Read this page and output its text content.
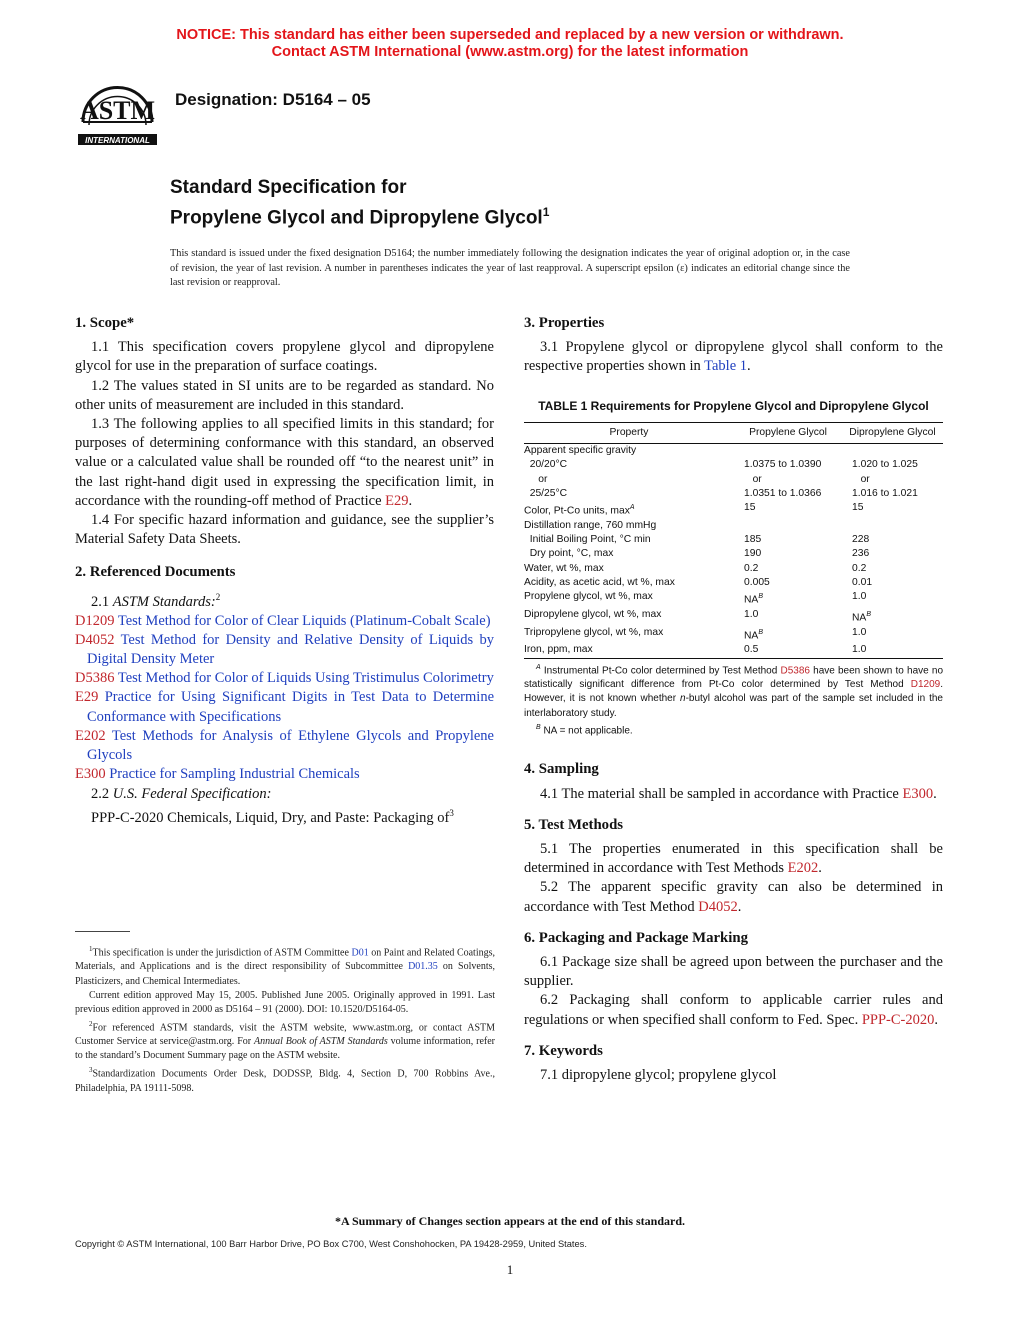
NOTICE: This standard has either been superseded and replaced by a new version or withdrawn.
Contact ASTM International (www.astm.org) for the latest information
ASTM
INTERNATIONAL
Designation: D5164 – 05
Standard Specification for
Propylene Glycol and Dipropylene Glycol$^1$
This standard is issued under the fixed designation D5164; the number immediately following the designation indicates the year of original adoption or, in the case of revision, the year of last revision. A number in parentheses indicates the year of last reapproval. A superscript epsilon (ε) indicates an editorial change since the last revision or reapproval.
1. Scope*

1.1 This specification covers propylene glycol and dipropylene glycol for use in the preparation of surface coatings.

1.2 The values stated in SI units are to be regarded as standard. No other units of measurement are included in this standard.

1.3 The following applies to all specified limits in this standard; for purposes of determining conformance with this standard, an observed value or a calculated value shall be rounded off “to the nearest unit” in the last right-hand digit used in expressing the specification limit, in accordance with the rounding-off method of Practice E29.

1.4 For specific hazard information and guidance, see the supplier’s Material Safety Data Sheets.

2. Referenced Documents

2.1 ASTM Standards:$^2$

D1209 Test Method for Color of Clear Liquids (Platinum-Cobalt Scale)

D4052 Test Method for Density and Relative Density of Liquids by Digital Density Meter

D5386 Test Method for Color of Liquids Using Tristimulus Colorimetry

E29 Practice for Using Significant Digits in Test Data to Determine Conformance with Specifications

E202 Test Methods for Analysis of Ethylene Glycols and Propylene Glycols

E300 Practice for Sampling Industrial Chemicals

2.2 U.S. Federal Specification:

PPP-C-2020 Chemicals, Liquid, Dry, and Paste: Packaging $of^3$

$^1$This specification is under the jurisdiction of ASTM Committee D01 on Paint and Related Coatings, Materials, and Applications and is the direct responsibility of Subcommittee D01.35 on Solvents, Plasticizers, and Chemical Intermediates.

Current edition approved May 15, 2005. Published June 2005. Originally approved in 1991. Last previous edition approved in 2000 as D5164 – 91 (2000). DOI: 10.1520/D5164-05.

$^2$For referenced ASTM standards, visit the ASTM website, www.astm.org, or contact ASTM Customer Service at service@astm.org. For Annual Book of ASTM Standards volume information, refer to the standard’s Document Summary page on the ASTM website.

$^3$Standardization Documents Order Desk, DODSSP, Bldg. 4, Section D, 700 Robbins Ave., Philadelphia, PA 19111-5098.

3. Properties

3.1 Propylene glycol or dipropylene glycol shall conform to the respective properties shown in Table 1.

TABLE 1 Requirements for Propylene Glycol and Dipropylene Glycol
Property	Propylene Glycol	Dipropylene Glycol
Apparent specific gravity		
20/20°C	1.0375 to 1.0390	1.020 to 1.025
or	or	or
25/25°C	1.0351 to 1.0366	1.016 to 1.021
Color, Pt-Co units, $\max^A$	15	15
Distillation range, 760 mmHg		
Initial Boiling Point, °C min	185	228
Dry point, °C, max	190	236
Water, wt %, max	0.2	0.2
Acidity, as acetic acid, wt %, max	0.005	0.01
Propylene glycol, wt %, max	$NA^B$	1.0
Dipropylene glycol, wt %, max	1.0	$NA^B$
Tripropylene glycol, wt %, max	$NA^B$	1.0
Iron, ppm, max	0.5	1.0
$^A$ Instrumental Pt-Co color determined by Test Method D5386 have been shown to have no statistically significant difference from Pt-Co color determined by Test Method D1209. However, it is not known whether n-butyl alcohol was part of the sample set included in the interlaboratory study.
$^B$ NA = not applicable.
4. Sampling

4.1 The material shall be sampled in accordance with Practice E300.

5. Test Methods

5.1 The properties enumerated in this specification shall be determined in accordance with Test Methods E202.

5.2 The apparent specific gravity can also be determined in accordance with Test Method D4052.

6. Packaging and Package Marking

6.1 Package size shall be agreed upon between the purchaser and the supplier.

6.2 Packaging shall conform to applicable carrier rules and regulations or when specified shall conform to Fed. Spec. PPP-C-2020.

7. Keywords

7.1 dipropylene glycol; propylene glycol

*A Summary of Changes section appears at the end of this standard.
Copyright © ASTM International, 100 Barr Harbor Drive, PO Box C700, West Conshohocken, PA 19428-2959, United States.
1
